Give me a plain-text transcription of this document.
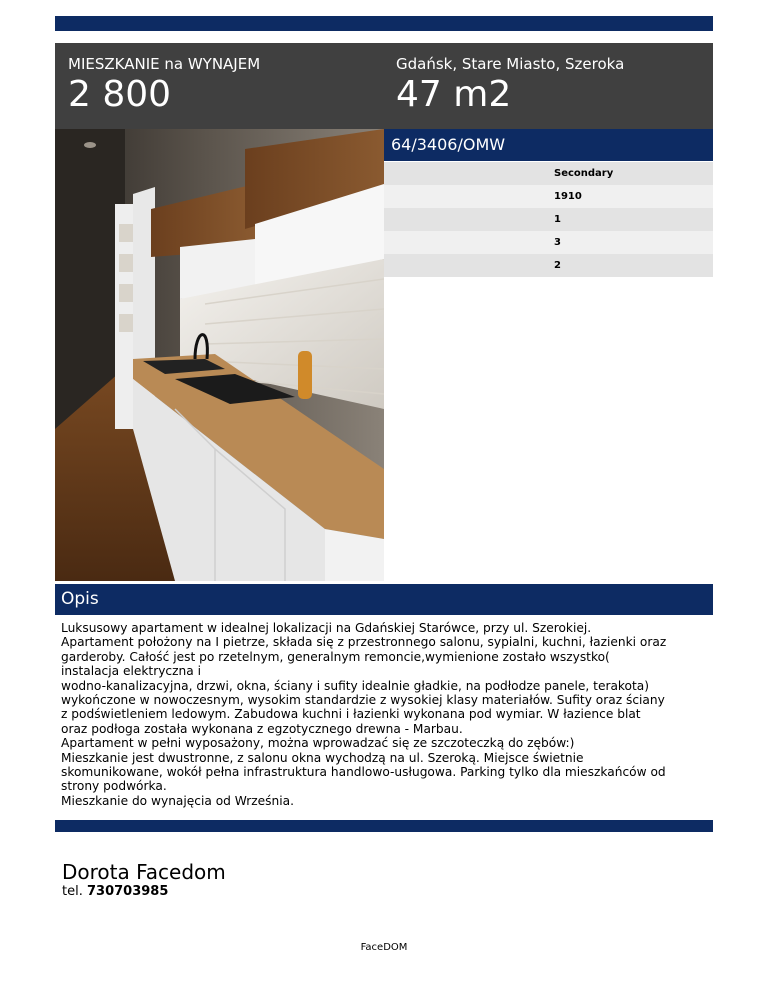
MIESZKANIE na WYNAJEM
2 800
Gdańsk, Stare Miasto, Szeroka
47 m2
64/3406/OMW
Secondary
1910
1
3
2
Opis

Luksusowy apartament w idealnej lokalizacji na Gdańskiej Starówce, przy ul. Szerokiej.

Apartament położony na I pietrze, składa się z przestronnego salonu, sypialni, kuchni, łazienki oraz

garderoby. Całość jest po rzetelnym, generalnym remoncie,wymienione zostało wszystko(

instalacja elektryczna i

wodno-kanalizacyjna, drzwi, okna, ściany i sufity idealnie gładkie, na podłodze panele, terakota)

wykończone w nowoczesnym, wysokim standardzie z wysokiej klasy materiałów. Sufity oraz ściany

z podświetleniem ledowym. Zabudowa kuchni i łazienki wykonana pod wymiar. W łazience blat

oraz podłoga została wykonana z egzotycznego drewna - Marbau.

Apartament w pełni wyposażony, można wprowadzać się ze szczoteczką do zębów:)

Mieszkanie jest dwustronne, z salonu okna wychodzą na ul. Szeroką. Miejsce świetnie

skomunikowane, wokół pełna infrastruktura handlowo-usługowa. Parking tylko dla mieszkańców od

strony podwórka.

Mieszkanie do wynajęcia od Września.

Dorota Facedom
tel. 730703985
FaceDOM
